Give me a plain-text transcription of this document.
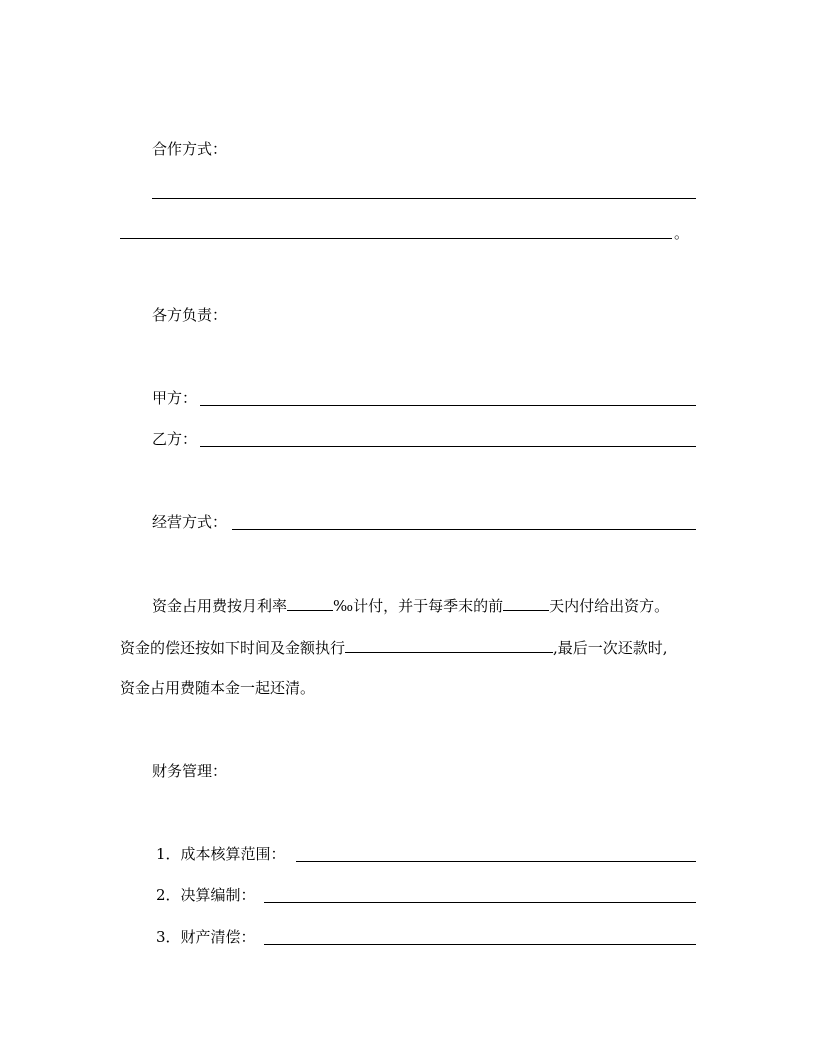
合作方式：
。
各方负责：
甲方：
乙方：
经营方式：
资金占用费按月利率	‰计付，并于每季末的前	天内付给出资方。
资金的偿还按如下时间及金额执行	,最后一次还款时,
资金占用费随本金一起还清。
财务管理：
1．成本核算范围：
2．决算编制：
3．财产清偿：
